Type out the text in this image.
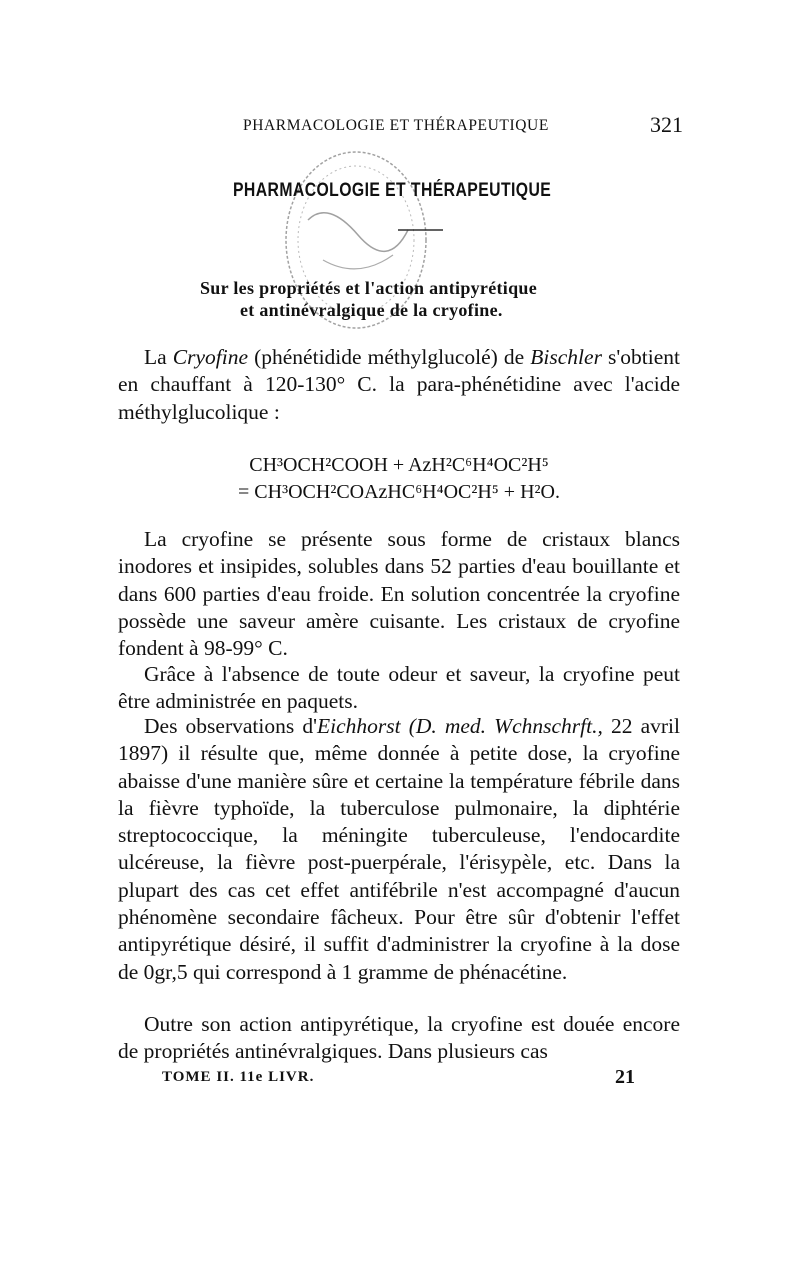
PHARMACOLOGIE ET THÉRAPEUTIQUE	321
PHARMACOLOGIE ET THÉRAPEUTIQUE
Sur les propriétés et l'action antipyrétique
et antinévralgique de la cryofine.

La Cryofine (phénétidide méthylglucolé) de Bischler s'obtient en chauffant à 120-130° C. la para-phénétidine avec l'acide méthylglucolique :

CH³OCH²COOH + AzH²C⁶H⁴OC²H⁵
= CH³OCH²COAzHC⁶H⁴OC²H⁵ + H²O.

La cryofine se présente sous forme de cristaux blancs inodores et insipides, solubles dans 52 parties d'eau bouillante et dans 600 parties d'eau froide. En solution concentrée la cryofine possède une saveur amère cuisante. Les cristaux de cryofine fondent à 98-99° C.

Grâce à l'absence de toute odeur et saveur, la cryofine peut être administrée en paquets.

Des observations d'Eichhorst (D. med. Wchnschrft., 22 avril 1897) il résulte que, même donnée à petite dose, la cryofine abaisse d'une manière sûre et certaine la température fébrile dans la fièvre typhoïde, la tuberculose pulmonaire, la diphtérie streptococcique, la méningite tuberculeuse, l'endocardite ulcéreuse, la fièvre post-puerpérale, l'érisypèle, etc. Dans la plupart des cas cet effet antifébrile n'est accompagné d'aucun phénomène secondaire fâcheux. Pour être sûr d'obtenir l'effet antipyrétique désiré, il suffit d'administrer la cryofine à la dose de 0gr,5 qui correspond à 1 gramme de phénacétine.

Outre son action antipyrétique, la cryofine est douée encore de propriétés antinévralgiques. Dans plusieurs cas

TOME II. 11e LIVR.	21
